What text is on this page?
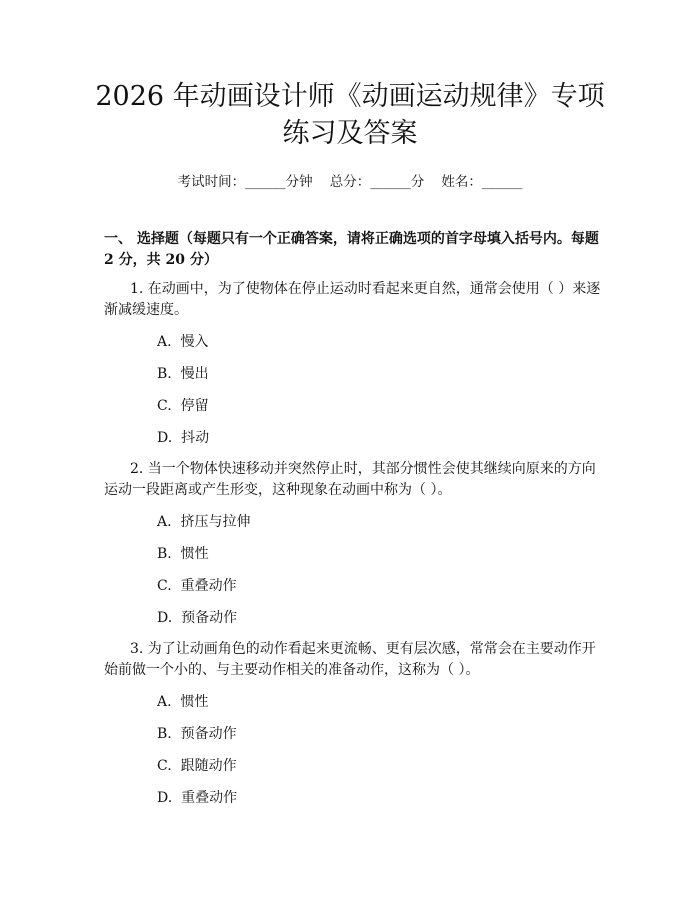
2026 年动画设计师《动画运动规律》专项练习及答案
考试时间：______分钟    总分：______分    姓名：______
一、 选择题（每题只有一个正确答案，请将正确选项的首字母填入括号内。每题 2 分，共 20 分）
1. 在动画中，为了使物体在停止运动时看起来更自然，通常会使用（ ）来逐渐减缓速度。
A.  慢入
B.  慢出
C.  停留
D.  抖动
2. 当一个物体快速移动并突然停止时，其部分惯性会使其继续向原来的方向运动一段距离或产生形变，这种现象在动画中称为（ ）。
A.  挤压与拉伸
B.  惯性
C.  重叠动作
D.  预备动作
3. 为了让动画角色的动作看起来更流畅、更有层次感，常常会在主要动作开始前做一个小的、与主要动作相关的准备动作，这称为（ ）。
A.  惯性
B.  预备动作
C.  跟随动作
D.  重叠动作
